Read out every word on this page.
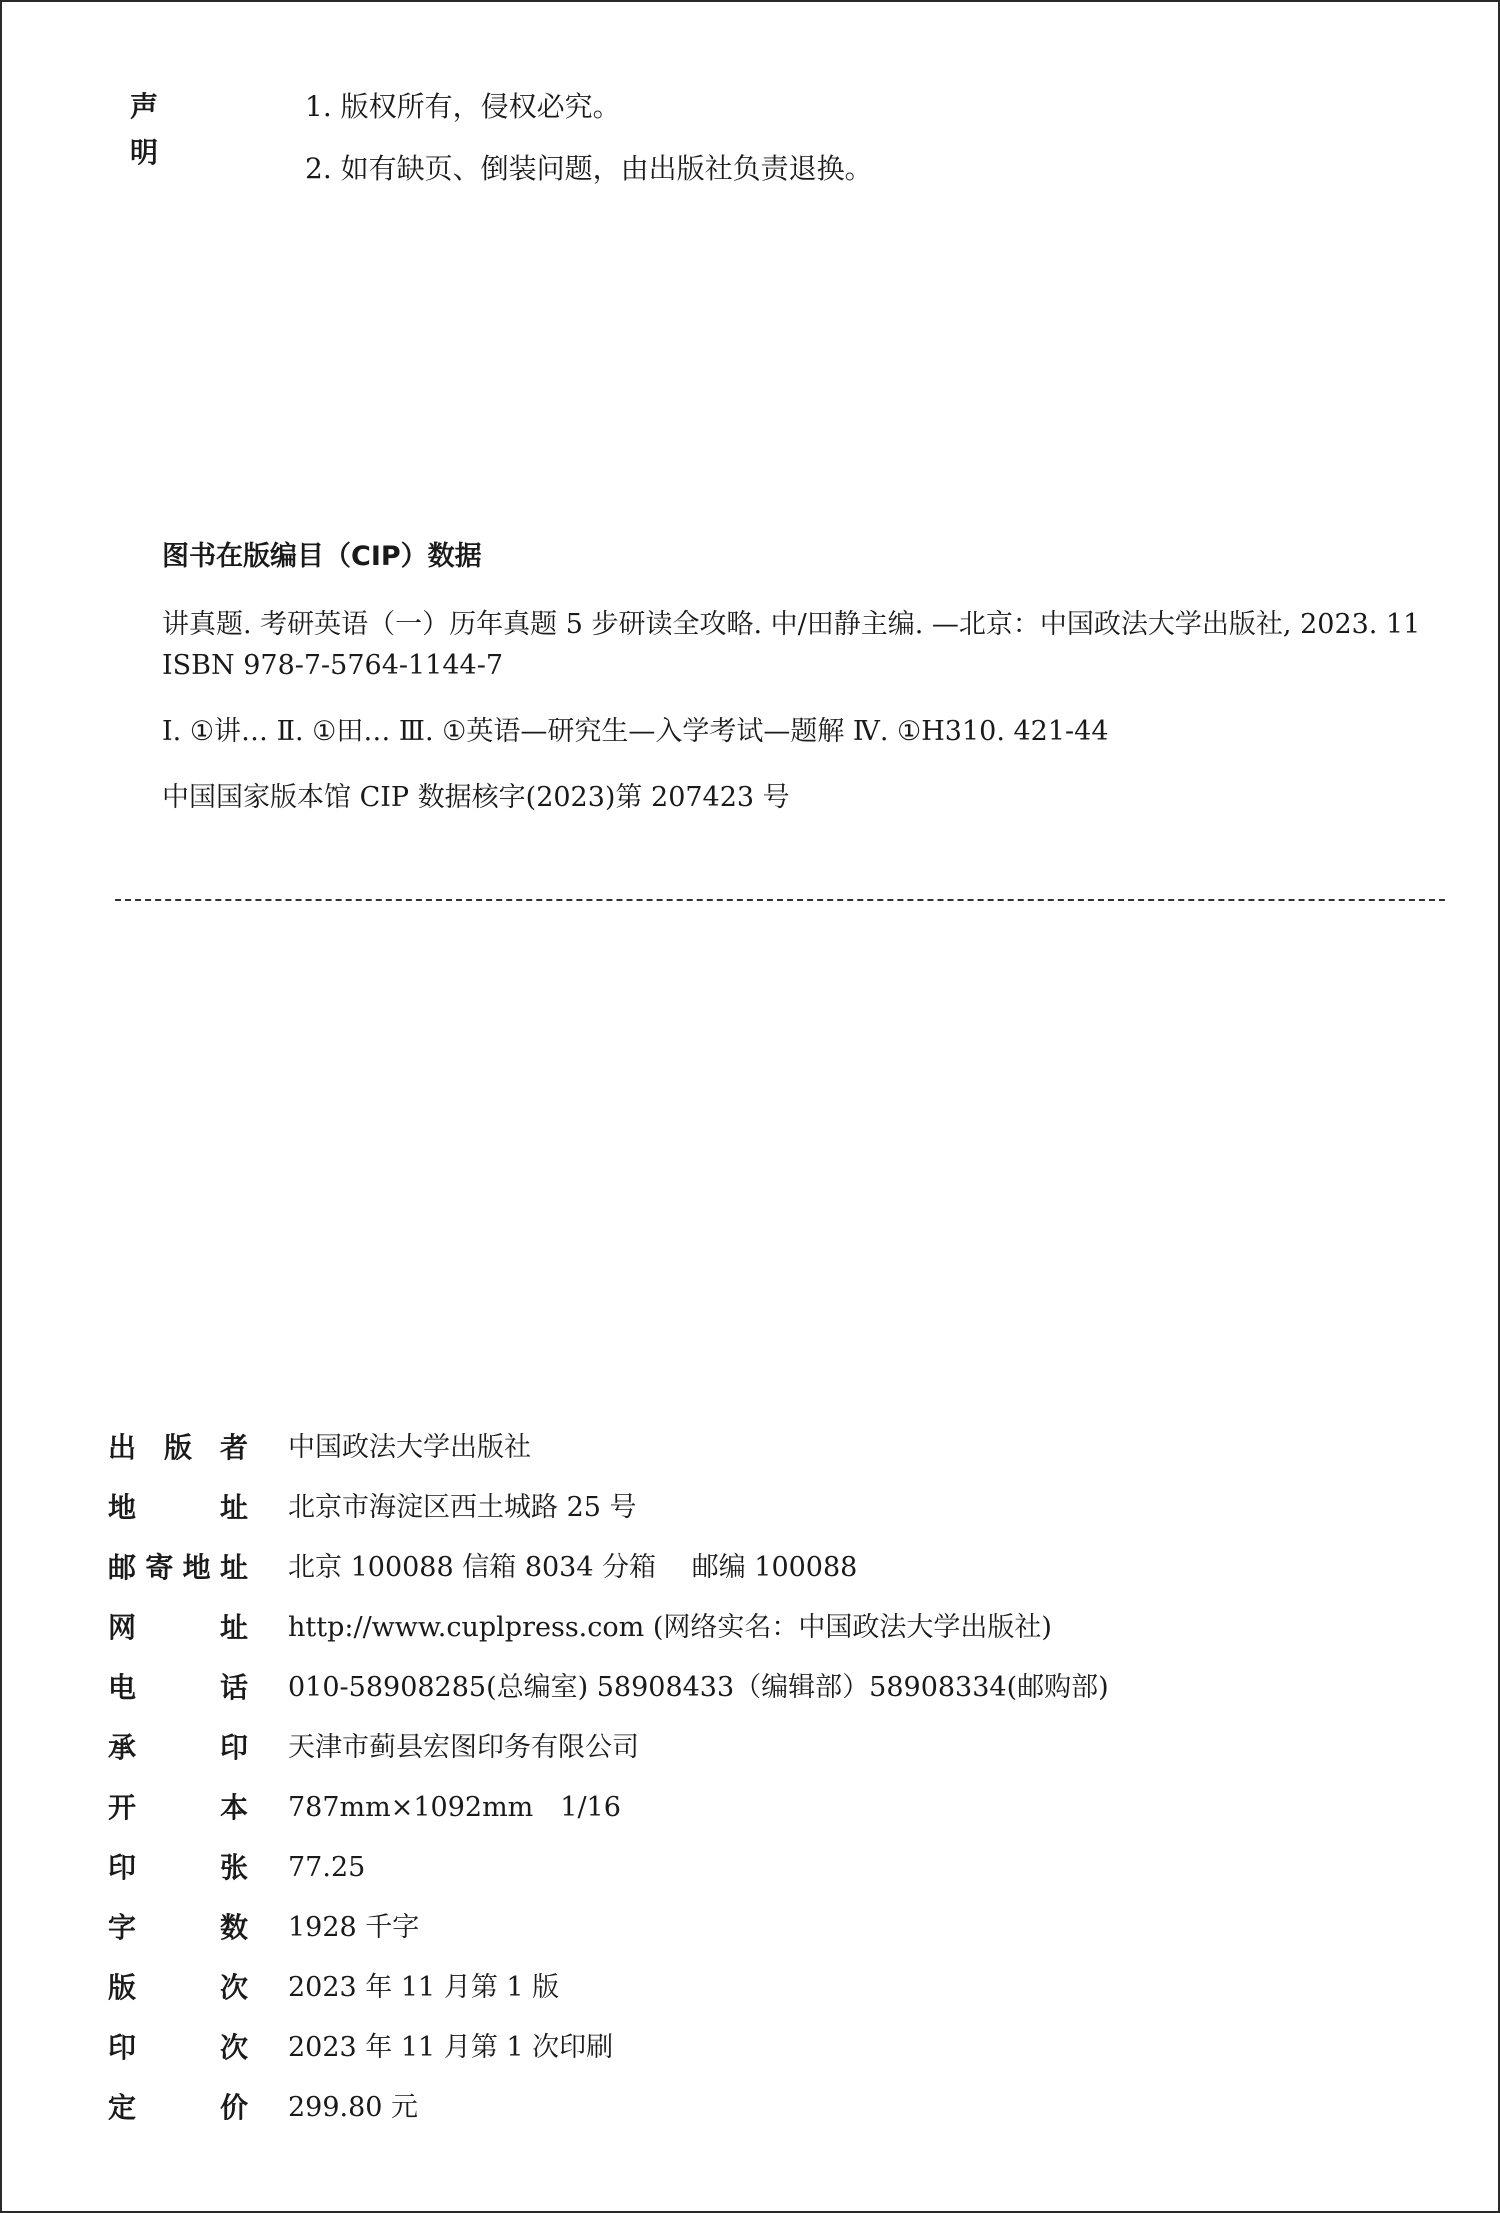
声明
1. 版权所有，侵权必究。
2. 如有缺页、倒装问题，由出版社负责退换。
图书在版编目（CIP）数据
讲真题. 考研英语（一）历年真题 5 步研读全攻略. 中/田静主编. —北京：中国政法大学出版社, 2023. 11
ISBN 978-7-5764-1144-7
Ⅰ. ①讲… Ⅱ. ①田… Ⅲ. ①英语—研究生—入学考试—题解 Ⅳ. ①H310. 421-44
中国国家版本馆 CIP 数据核字(2023)第 207423 号
出 版 者 中国政法大学出版社
地	址 北京市海淀区西土城路 25 号
邮 寄 地 址 北京 100088 信箱 8034 分箱　 邮编 100088
网	址 http://www.cuplpress.com (网络实名：中国政法大学出版社)
电	话 010-58908285(总编室) 58908433（编辑部）58908334(邮购部)
承	印 天津市蓟县宏图印务有限公司
开	本 787mm×1092mm　1/16
印	张 77.25
字	数 1928 千字
版	次 2023 年 11 月第 1 版
印	次 2023 年 11 月第 1 次印刷
定	价 299.80 元
